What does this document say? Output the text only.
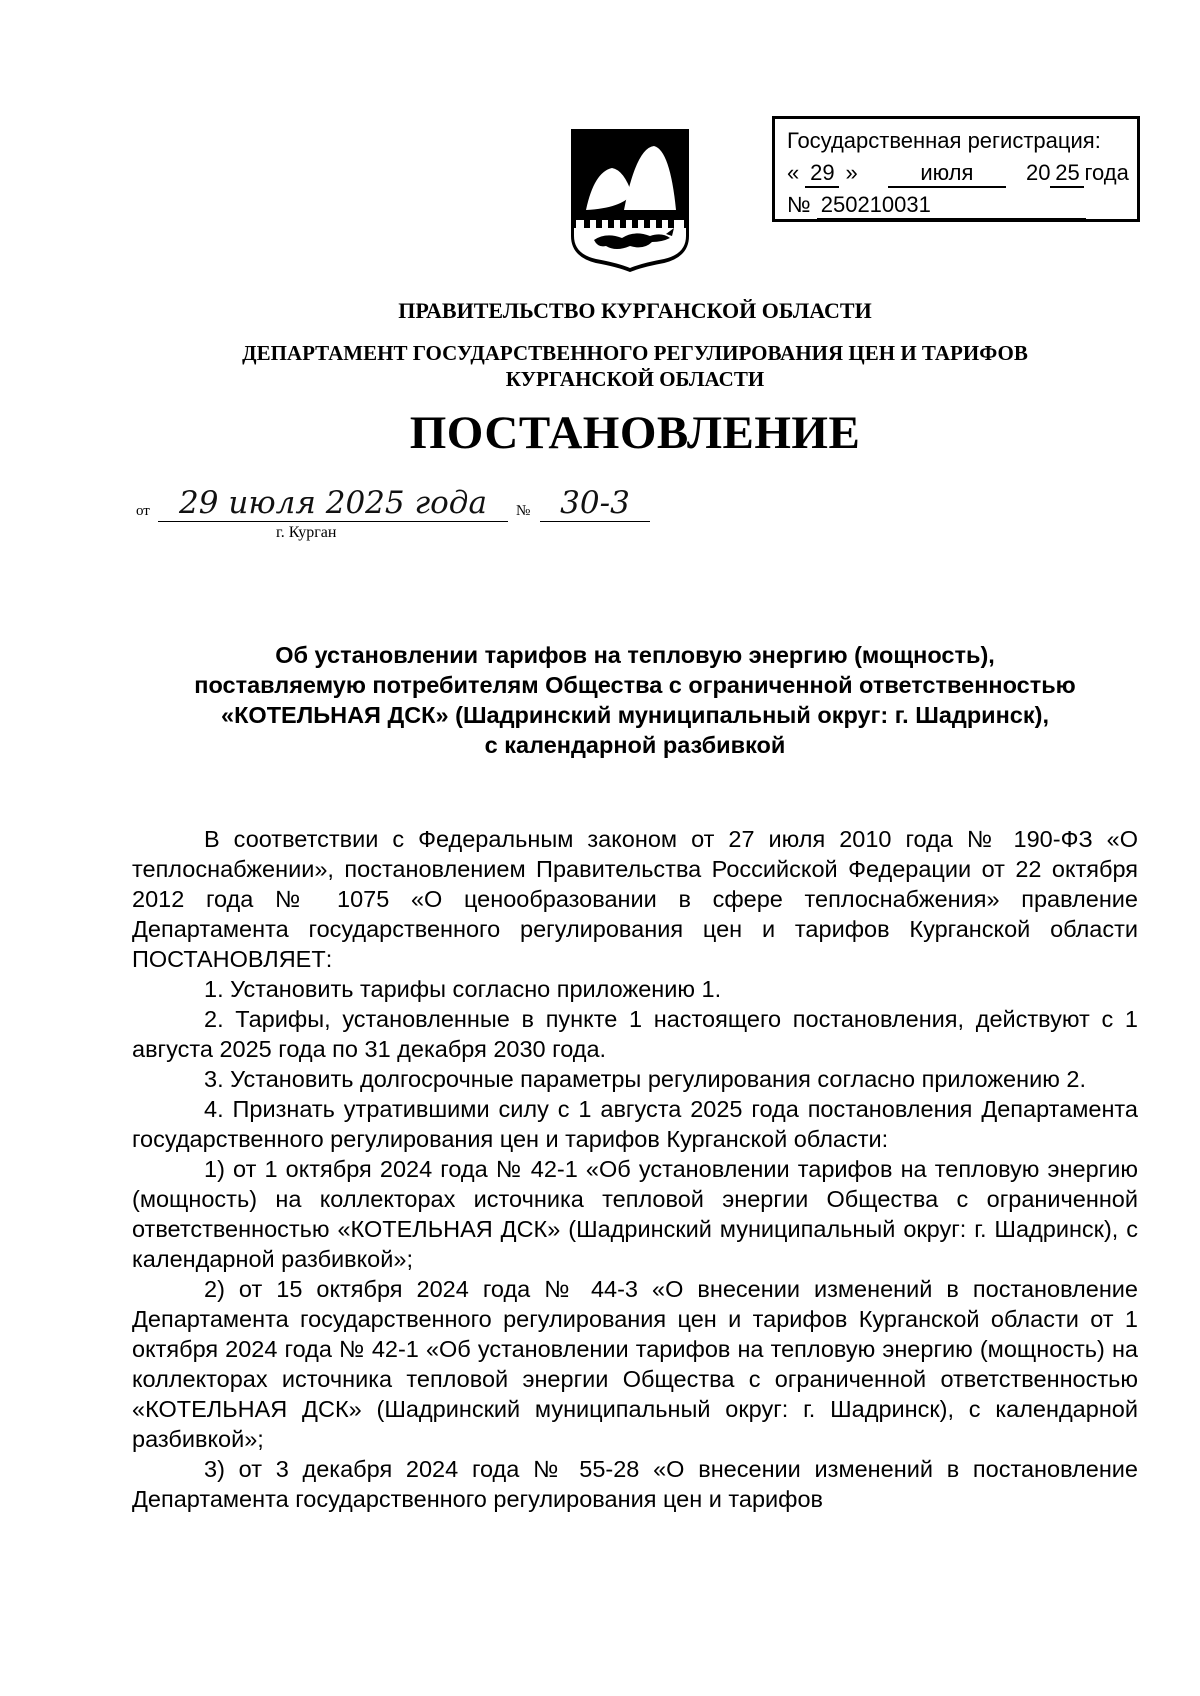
Государственная регистрация:
« 29 »	июля 20 25 года
№ 250210031
ПРАВИТЕЛЬСТВО КУРГАНСКОЙ ОБЛАСТИ
ДЕПАРТАМЕНТ ГОСУДАРСТВЕННОГО РЕГУЛИРОВАНИЯ ЦЕН И ТАРИФОВ
КУРГАНСКОЙ ОБЛАСТИ
ПОСТАНОВЛЕНИЕ
от 29 июля 2025 года	№ 30-3
г. Курган
Об установлении тарифов на тепловую энергию (мощность),
поставляемую потребителям Общества с ограниченной ответственностью
«КОТЕЛЬНАЯ ДСК» (Шадринский муниципальный округ: г. Шадринск),
с календарной разбивкой

В соответствии с Федеральным законом от 27 июля 2010 года № 190-ФЗ «О теплоснабжении», постановлением Правительства Российской Федерации от 22 октября 2012 года № 1075 «О ценообразовании в сфере теплоснабжения» правление Департамента государственного регулирования цен и тарифов Курганской области ПОСТАНОВЛЯЕТ:

1. Установить тарифы согласно приложению 1.

2. Тарифы, установленные в пункте 1 настоящего постановления, действуют с 1 августа 2025 года по 31 декабря 2030 года.

3. Установить долгосрочные параметры регулирования согласно приложению 2.

4. Признать утратившими силу с 1 августа 2025 года постановления Департамента государственного регулирования цен и тарифов Курганской области:

1) от 1 октября 2024 года № 42-1 «Об установлении тарифов на тепловую энергию (мощность) на коллекторах источника тепловой энергии Общества с ограниченной ответственностью «КОТЕЛЬНАЯ ДСК» (Шадринский муниципальный округ: г. Шадринск), с календарной разбивкой»;

2) от 15 октября 2024 года № 44-3 «О внесении изменений в постановление Департамента государственного регулирования цен и тарифов Курганской области от 1 октября 2024 года № 42-1 «Об установлении тарифов на тепловую энергию (мощность) на коллекторах источника тепловой энергии Общества с ограниченной ответственностью «КОТЕЛЬНАЯ ДСК» (Шадринский муниципальный округ: г. Шадринск), с календарной разбивкой»;

3) от 3 декабря 2024 года № 55-28 «О внесении изменений в постановление Департамента государственного регулирования цен и тарифов
